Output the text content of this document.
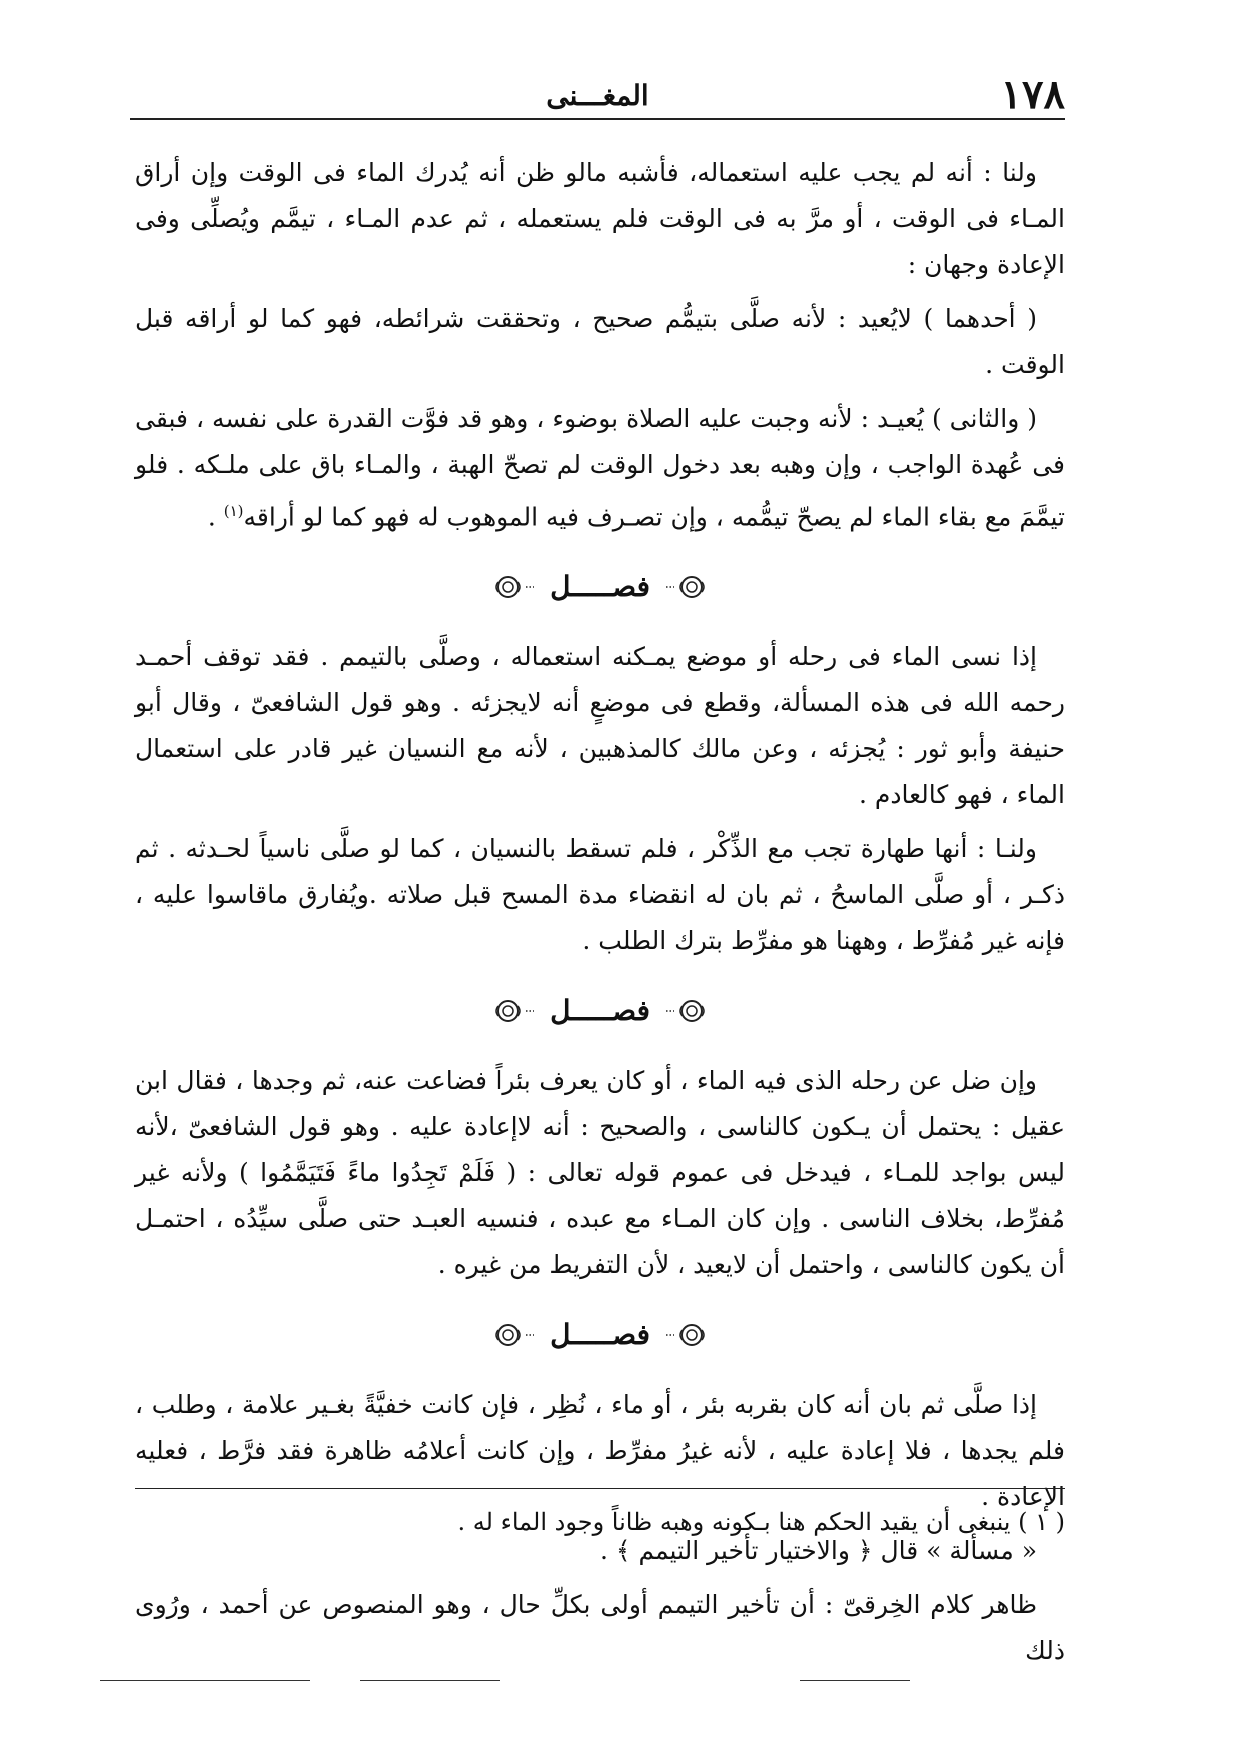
١٧٨
المغـــنى

ولنا : أنه لم يجب عليه استعماله، فأشبه مالو ظن أنه يُدرك الماء فى الوقت وإن أراق المـاء فى الوقت ، أو مرَّ به فى الوقت فلم يستعمله ، ثم عدم المـاء ، تيمَّم ويُصلِّى وفى الإعادة وجهان :

( أحدهما ) لايُعيد : لأنه صلَّى بتيمُّم صحيح ، وتحققت شرائطه، فهو كما لو أراقه قبل الوقت .

( والثانى ) يُعيـد : لأنه وجبت عليه الصلاة بوضوء ، وهو قد فوَّت القدرة على نفسه ، فبقى فى عُهدة الواجب ، وإن وهبه بعد دخول الوقت لم تصحّ الهبة ، والمـاء باق على ملـكه . فلو تيمَّمَ مع بقاء الماء لم يصحّ تيمُّمه ، وإن تصـرف فيه الموهوب له فهو كما لو أراقه$^{(١)}$ .

فصـــــل

إذا نسى الماء فى رحله أو موضع يمـكنه استعماله ، وصلَّى بالتيمم . فقد توقف أحمـد رحمه الله فى هذه المسألة، وقطع فى موضعٍ أنه لايجزئه . وهو قول الشافعىّ ، وقال أبو حنيفة وأبو ثور : يُجزئه ، وعن مالك كالمذهبين ، لأنه مع النسيان غير قادر على استعمال الماء ، فهو كالعادم .

ولنـا : أنها طهارة تجب مع الذِّكْر ، فلم تسقط بالنسيان ، كما لو صلَّى ناسياً لحـدثه . ثم ذكـر ، أو صلَّى الماسحُ ، ثم بان له انقضاء مدة المسح قبل صلاته .ويُفارق ماقاسوا عليه ، فإنه غير مُفرِّط ، وههنا هو مفرِّط بترك الطلب .

فصـــــل

وإن ضل عن رحله الذى فيه الماء ، أو كان يعرف بئراً فضاعت عنه، ثم وجدها ، فقال ابن عقيل : يحتمل أن يـكون كالناسى ، والصحيح : أنه لاإعادة عليه . وهو قول الشافعىّ ،لأنه ليس بواجد للمـاء ، فيدخل فى عموم قوله تعالى : ( فَلَمْ تَجِدُوا ماءً فَتَيَمَّمُوا ) ولأنه غير مُفرِّط، بخلاف الناسى . وإن كان المـاء مع عبده ، فنسيه العبـد حتى صلَّى سيِّدُه ، احتمـل أن يكون كالناسى ، واحتمل أن لايعيد ، لأن التفريط من غيره .

فصـــــل

إذا صلَّى ثم بان أنه كان بقربه بئر ، أو ماء ، نُظِر ، فإن كانت خفيَّةً بغـير علامة ، وطلب ، فلم يجدها ، فلا إعادة عليه ، لأنه غيرُ مفرِّط ، وإن كانت أعلامُه ظاهرة فقد فرَّط ، فعليه الإعادة .

« مسألة » قال ﴿ والاختيار تأخير التيمم ﴾ .

ظاهر كلام الخِرقىّ : أن تأخير التيمم أولى بكلِّ حال ، وهو المنصوص عن أحمد ، ورُوى ذلك

( ١ ) ينبغى أن يقيد الحكم هنا بـكونه وهبه ظاناً وجود الماء له .
